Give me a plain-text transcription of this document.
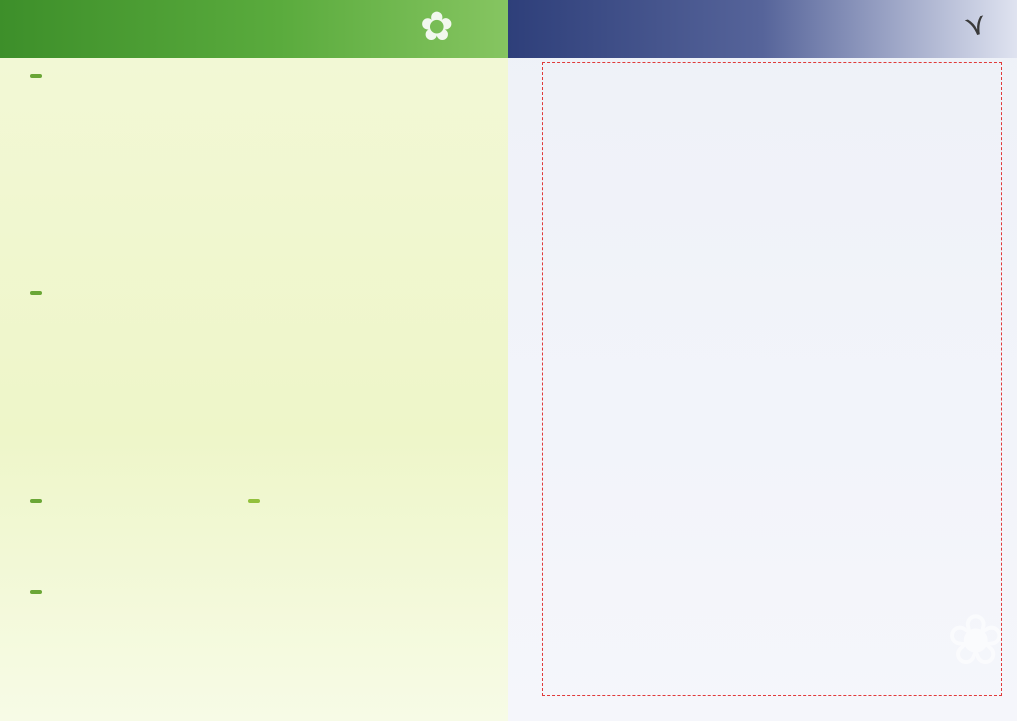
✿	⋎
❀
